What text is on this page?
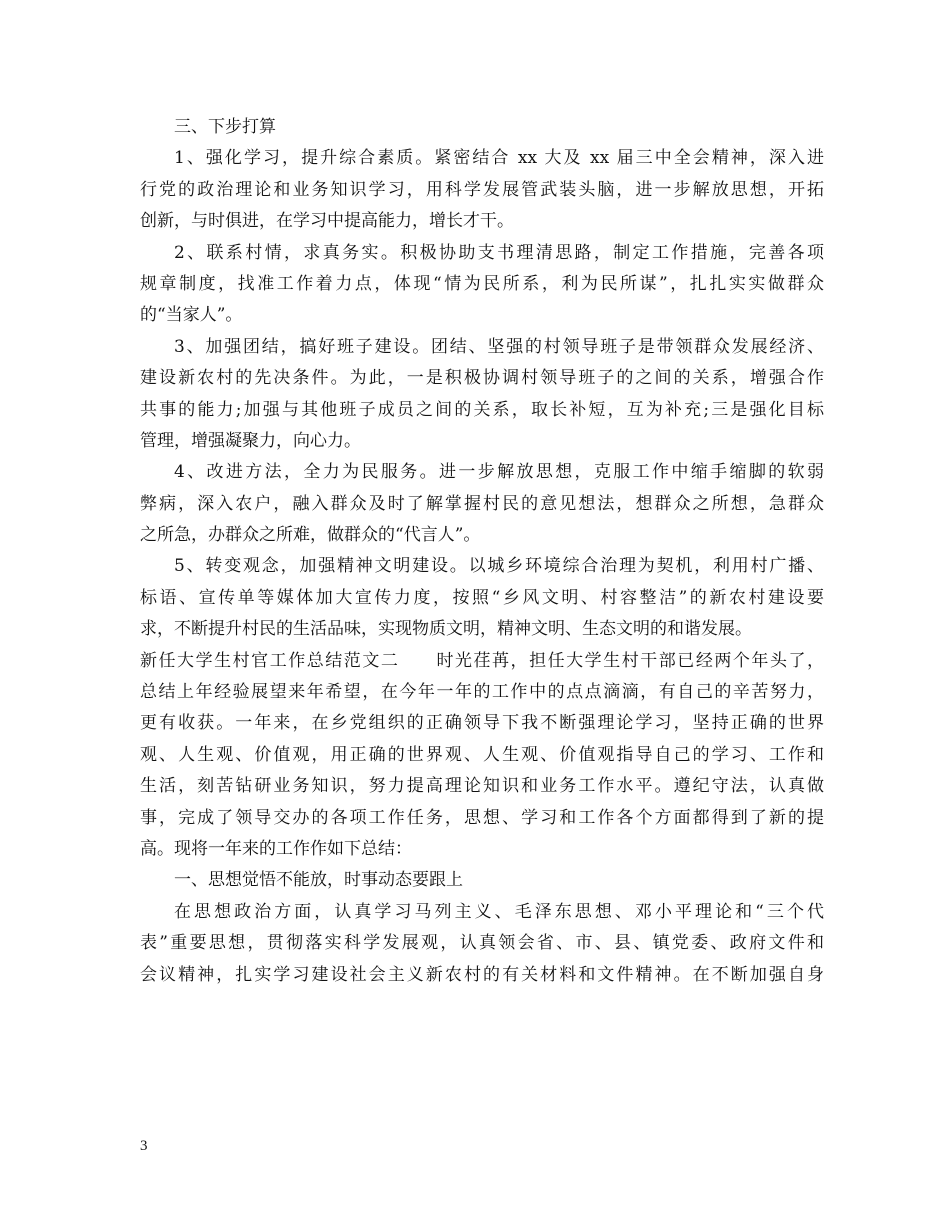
三、下步打算
1、强化学习，提升综合素质。紧密结合 xx 大及 xx 届三中全会精神，深入进
行党的政治理论和业务知识学习，用科学发展管武装头脑，进一步解放思想，开拓
创新，与时俱进，在学习中提高能力，增长才干。
2、联系村情，求真务实。积极协助支书理清思路，制定工作措施，完善各项
规章制度，找准工作着力点，体现“情为民所系，利为民所谋”，扎扎实实做群众
的“当家人”。
3、加强团结，搞好班子建设。团结、坚强的村领导班子是带领群众发展经济、
建设新农村的先决条件。为此，一是积极协调村领导班子的之间的关系，增强合作
共事的能力;加强与其他班子成员之间的关系，取长补短，互为补充;三是强化目标
管理，增强凝聚力，向心力。
4、改进方法，全力为民服务。进一步解放思想，克服工作中缩手缩脚的软弱
弊病，深入农户，融入群众及时了解掌握村民的意见想法，想群众之所想，急群众
之所急，办群众之所难，做群众的“代言人”。
5、转变观念，加强精神文明建设。以城乡环境综合治理为契机，利用村广播、
标语、宣传单等媒体加大宣传力度，按照“乡风文明、村容整洁”的新农村建设要
求，不断提升村民的生活品味，实现物质文明，精神文明、生态文明的和谐发展。
新任大学生村官工作总结范文二　　时光荏苒，担任大学生村干部已经两个年头了，
总结上年经验展望来年希望，在今年一年的工作中的点点滴滴，有自己的辛苦努力，
更有收获。一年来，在乡党组织的正确领导下我不断强理论学习，坚持正确的世界
观、人生观、价值观，用正确的世界观、人生观、价值观指导自己的学习、工作和
生活，刻苦钻研业务知识，努力提高理论知识和业务工作水平。遵纪守法，认真做
事，完成了领导交办的各项工作任务，思想、学习和工作各个方面都得到了新的提
高。现将一年来的工作作如下总结：
一、思想觉悟不能放，时事动态要跟上
在思想政治方面，认真学习马列主义、毛泽东思想、邓小平理论和“三个代
表”重要思想，贯彻落实科学发展观，认真领会省、市、县、镇党委、政府文件和
会议精神，扎实学习建设社会主义新农村的有关材料和文件精神。在不断加强自身
3
